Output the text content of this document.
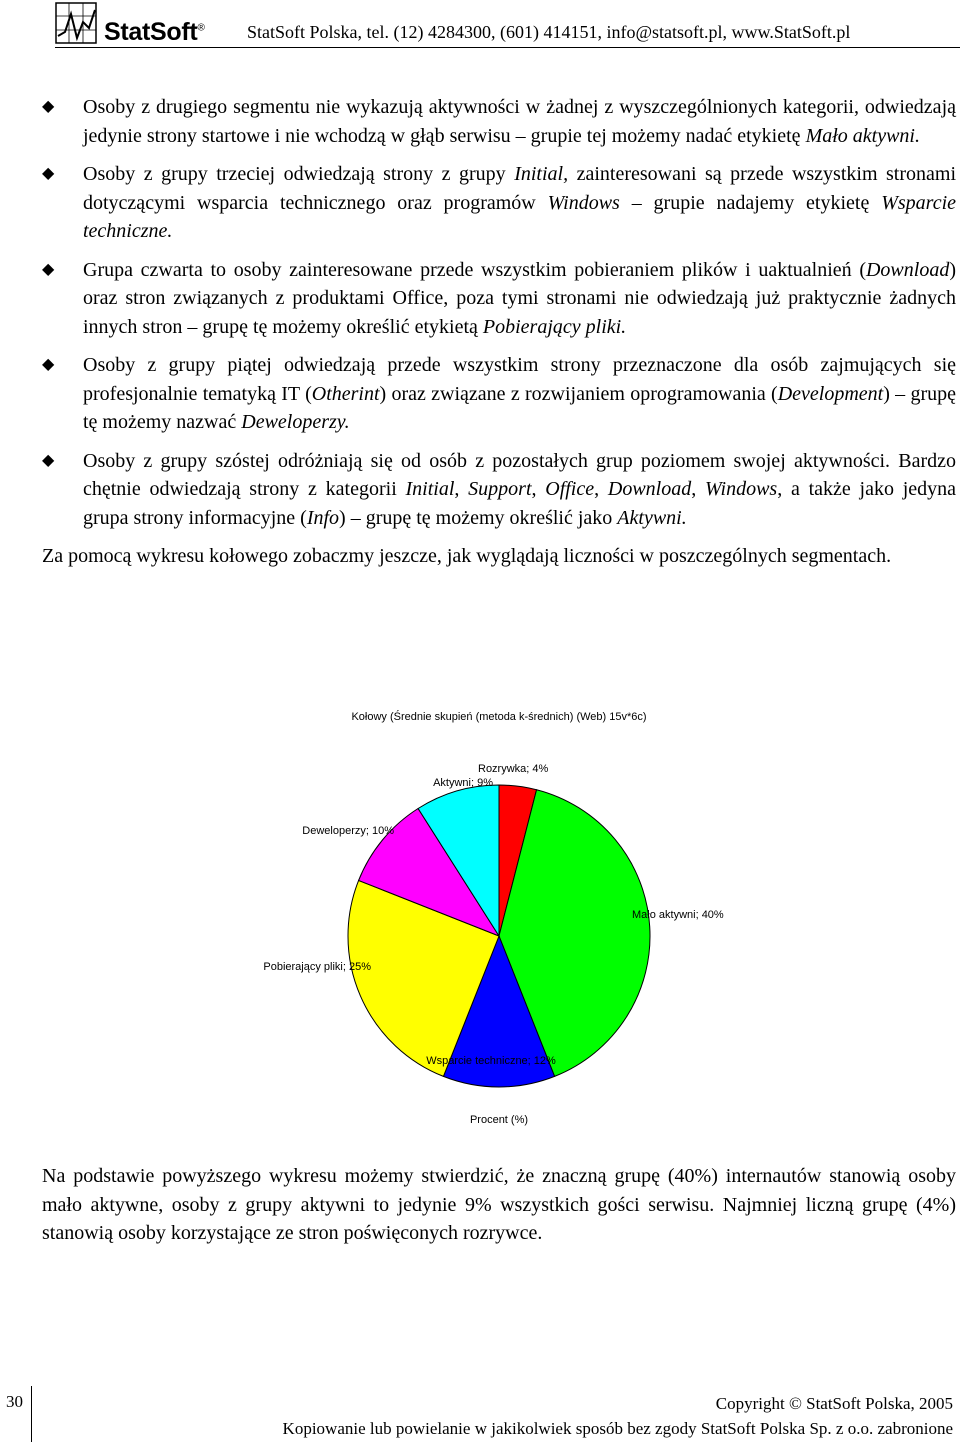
StatSoft® StatSoft Polska, tel. (12) 4284300, (601) 414151, info@statsoft.pl, www.StatSoft.pl
◆ Osoby z drugiego segmentu nie wykazują aktywności w żadnej z wyszczególnionych kategorii, odwiedzają jedynie strony startowe i nie wchodzą w głąb serwisu – grupie tej możemy nadać etykietę Mało aktywni.
◆ Osoby z grupy trzeciej odwiedzają strony z grupy Initial, zainteresowani są przede wszystkim stronami dotyczącymi wsparcia technicznego oraz programów Windows – grupie nadajemy etykietę Wsparcie techniczne.
◆ Grupa czwarta to osoby zainteresowane przede wszystkim pobieraniem plików i uaktualnień (Download) oraz stron związanych z produktami Office, poza tymi stronami nie odwiedzają już praktycznie żadnych innych stron – grupę tę możemy określić etykietą Pobierający pliki.
◆ Osoby z grupy piątej odwiedzają przede wszystkim strony przeznaczone dla osób zajmujących się profesjonalnie tematyką IT (Otherint) oraz związane z rozwijaniem oprogramowania (Development) – grupę tę możemy nazwać Deweloperzy.
◆ Osoby z grupy szóstej odróżniają się od osób z pozostałych grup poziomem swojej aktywności. Bardzo chętnie odwiedzają strony z kategorii Initial, Support, Office, Download, Windows, a także jako jedyna grupa strony informacyjne (Info) – grupę tę możemy określić jako Aktywni.

Za pomocą wykresu kołowego zobaczmy jeszcze, jak wyglądają liczności w poszczególnych segmentach.

Kołowy (Średnie skupień (metoda k-średnich) (Web) 15v*6c)
Rozrywka; 4%
Mało aktywni; 40%
Wsparcie techniczne; 12%
Pobierający pliki; 25%
Deweloperzy; 10%
Aktywni; 9%
Procent (%)
Na podstawie powyższego wykresu możemy stwierdzić, że znaczną grupę (40%) internautów stanowią osoby mało aktywne, osoby z grupy aktywni to jedynie 9% wszystkich gości serwisu. Najmniej liczną grupę (4%) stanowią osoby korzystające ze stron poświęconych rozrywce.
30	Copyright © StatSoft Polska, 2005
Kopiowanie lub powielanie w jakikolwiek sposób bez zgody StatSoft Polska Sp. z o.o. zabronione
